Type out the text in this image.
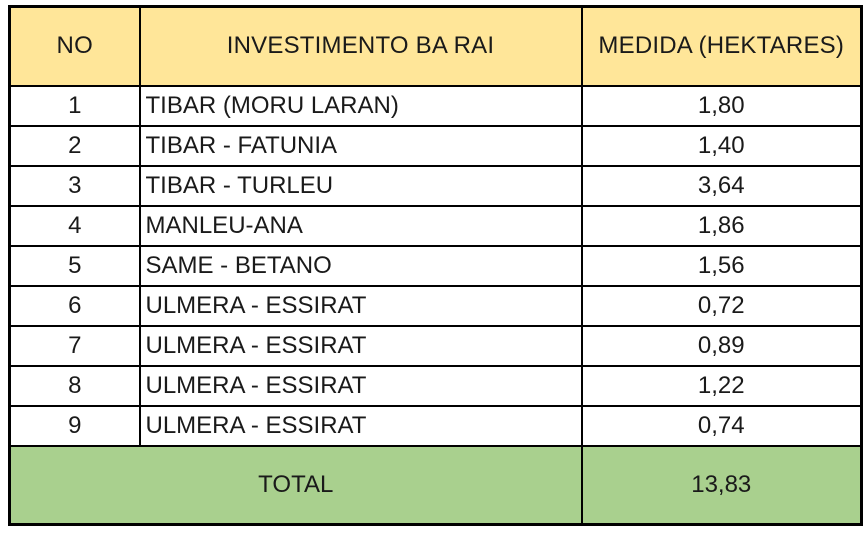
NO	INVESTIMENTO BA RAI	MEDIDA (HEKTARES)
1	TIBAR (MORU LARAN)	1,80
2	TIBAR - FATUNIA	1,40
3	TIBAR - TURLEU	3,64
4	MANLEU-ANA	1,86
5	SAME - BETANO	1,56
6	ULMERA - ESSIRAT	0,72
7	ULMERA - ESSIRAT	0,89
8	ULMERA - ESSIRAT	1,22
9	ULMERA - ESSIRAT	0,74
TOTAL		13,83
